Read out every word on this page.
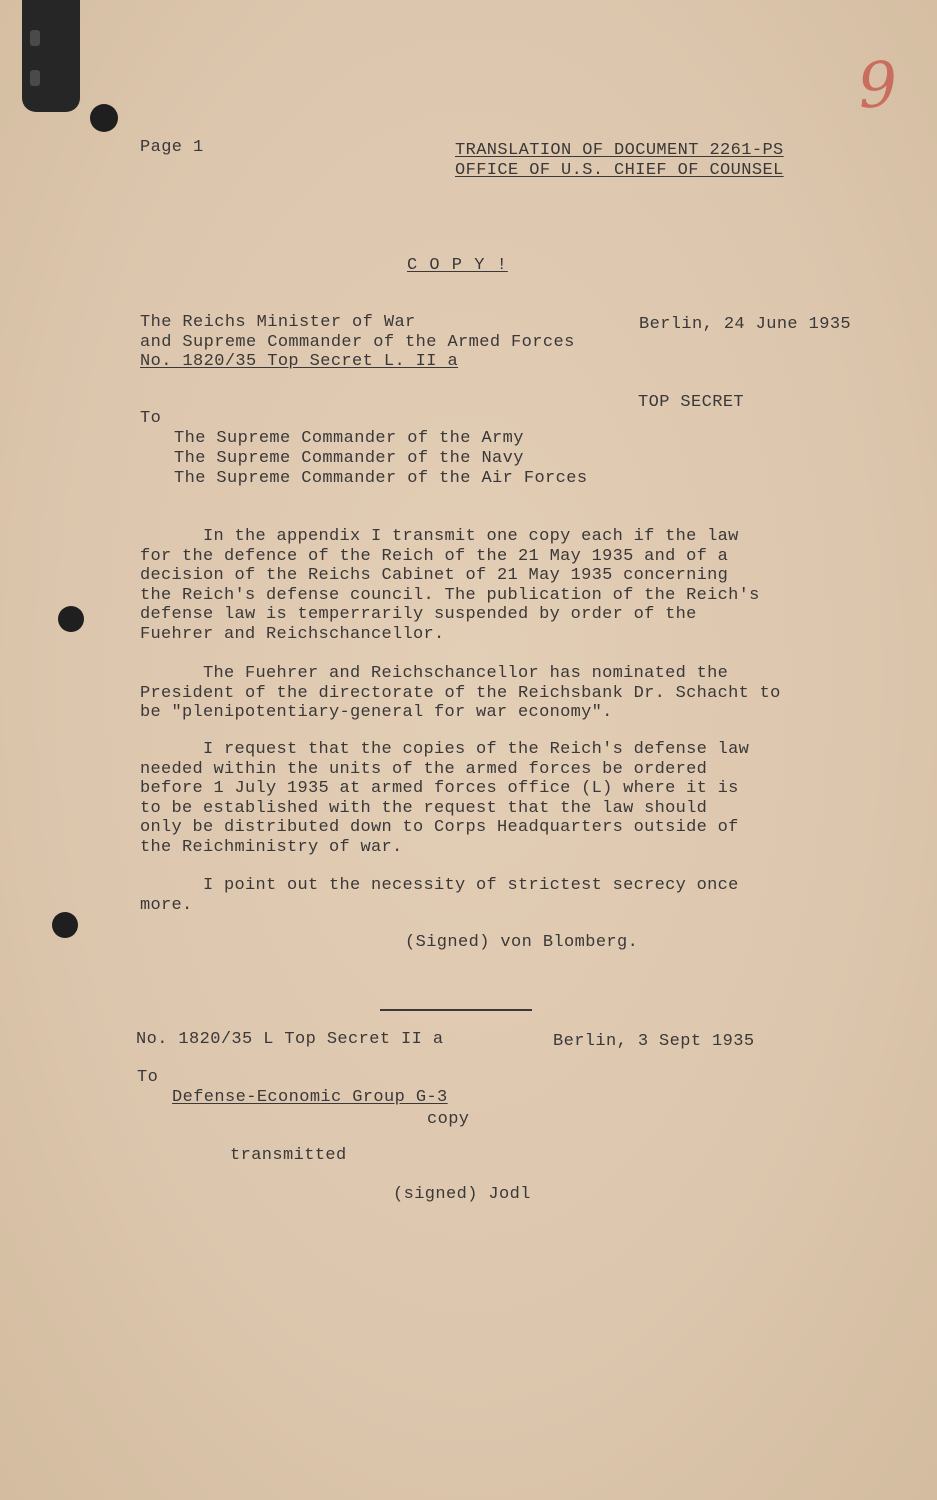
9
Page 1	TRANSLATION OF DOCUMENT 2261-PS
OFFICE OF U.S. CHIEF OF COUNSEL
C O P Y !
The Reichs Minister of War
and Supreme Commander of the Armed Forces
No. 1820/35 Top Secret L. II a
Berlin, 24 June 1935
TOP SECRET
To
The Supreme Commander of the Army
The Supreme Commander of the Navy
The Supreme Commander of the Air Forces
In the appendix I transmit one copy each if the law
for the defence of the Reich of the 21 May 1935 and of a
decision of the Reichs Cabinet of 21 May 1935 concerning
the Reich's defense council. The publication of the Reich's
defense law is temperrarily suspended by order of the
Fuehrer and Reichschancellor.
The Fuehrer and Reichschancellor has nominated the
President of the directorate of the Reichsbank Dr. Schacht to
be "plenipotentiary-general for war economy".
I request that the copies of the Reich's defense law
needed within the units of the armed forces be ordered
before 1 July 1935 at armed forces office (L) where it is
to be established with the request that the law should
only be distributed down to Corps Headquarters outside of
the Reichministry of war.
I point out the necessity of strictest secrecy once
more.
(Signed) von Blomberg.
No. 1820/35 L Top Secret II a	Berlin, 3 Sept 1935
To
Defense-Economic Group G-3
copy
transmitted
(signed) Jodl
